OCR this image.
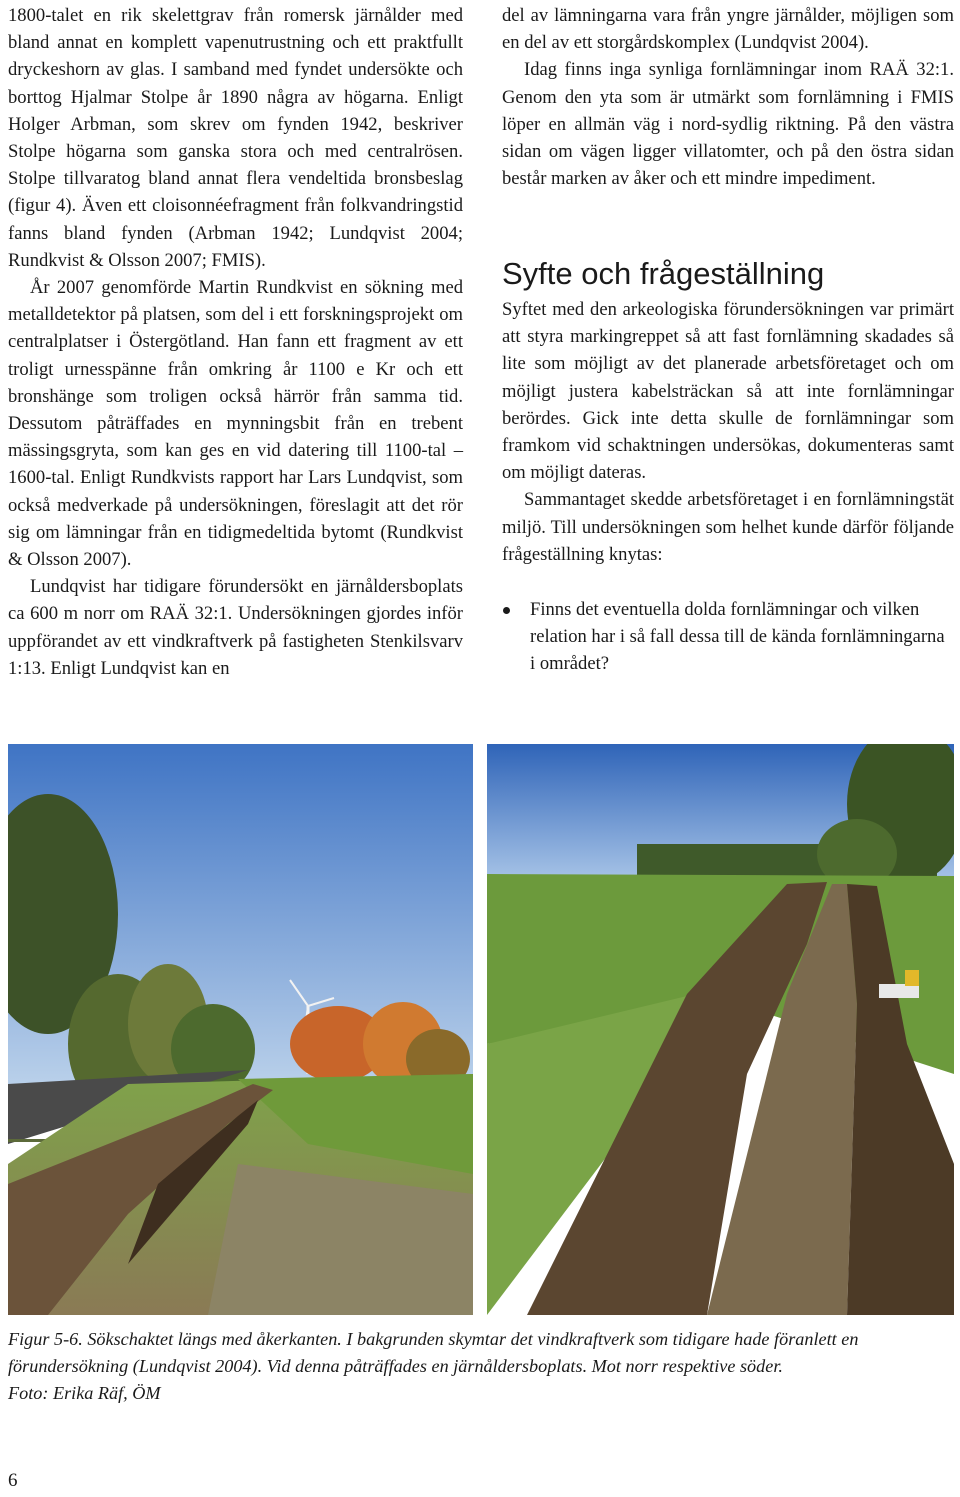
1800-talet en rik skelettgrav från romersk järnålder med bland annat en komplett vapenutrustning och ett praktfullt dryckeshorn av glas. I samband med fyndet undersökte och borttog Hjalmar Stolpe år 1890 några av högarna. Enligt Holger Arbman, som skrev om fynden 1942, beskriver Stolpe högarna som ganska stora och med centralrösen. Stolpe tillvaratog bland annat flera vendeltida bronsbeslag (figur 4). Även ett cloisonnéefragment från folkvandringstid fanns bland fynden (Arbman 1942; Lundqvist 2004; Rundkvist & Olsson 2007; FMIS).

År 2007 genomförde Martin Rundkvist en sökning med metalldetektor på platsen, som del i ett forskningsprojekt om centralplatser i Östergötland. Han fann ett fragment av ett troligt urnesspänne från omkring år 1100 e Kr och ett bronshänge som troligen också härrör från samma tid. Dessutom påträffades en mynningsbit från en trebent mässingsgryta, som kan ges en vid datering till 1100-tal – 1600-tal. Enligt Rundkvists rapport har Lars Lundqvist, som också medverkade på undersökningen, föreslagit att det rör sig om lämningar från en tidigmedeltida bytomt (Rundkvist & Olsson 2007).

Lundqvist har tidigare förundersökt en järnåldersboplats ca 600 m norr om RAÄ 32:1. Undersökningen gjordes inför uppförandet av ett vindkraftverk på fastigheten Stenkilsvarv 1:13. Enligt Lundqvist kan en

del av lämningarna vara från yngre järnålder, möjligen som en del av ett storgårdskomplex (Lundqvist 2004).

Idag finns inga synliga fornlämningar inom RAÄ 32:1. Genom den yta som är utmärkt som fornlämning i FMIS löper en allmän väg i nord-sydlig riktning. På den västra sidan om vägen ligger villatomter, och på den östra sidan består marken av åker och ett mindre impediment.

Syfte och frågeställning

Syftet med den arkeologiska förundersökningen var primärt att styra markingreppet så att fast fornlämning skadades så lite som möjligt av det planerade arbetsföretaget och om möjligt justera kabelsträckan så att inte fornlämningar berördes. Gick inte detta skulle de fornlämningar som framkom vid schaktningen undersökas, dokumenteras samt om möjligt dateras.

Sammantaget skedde arbetsföretaget i en fornlämningstät miljö. Till undersökningen som helhet kunde därför följande frågeställning knytas:

Finns det eventuella dolda fornlämningar och vilken relation har i så fall dessa till de kända fornlämningarna i området?

Figur 5-6. Sökschaktet längs med åkerkanten. I bakgrunden skymtar det vindkraftverk som tidigare hade föranlett en förundersökning (Lundqvist 2004). Vid denna påträffades en järnåldersboplats. Mot norr respektive söder.

Foto: Erika Räf, ÖM

6
